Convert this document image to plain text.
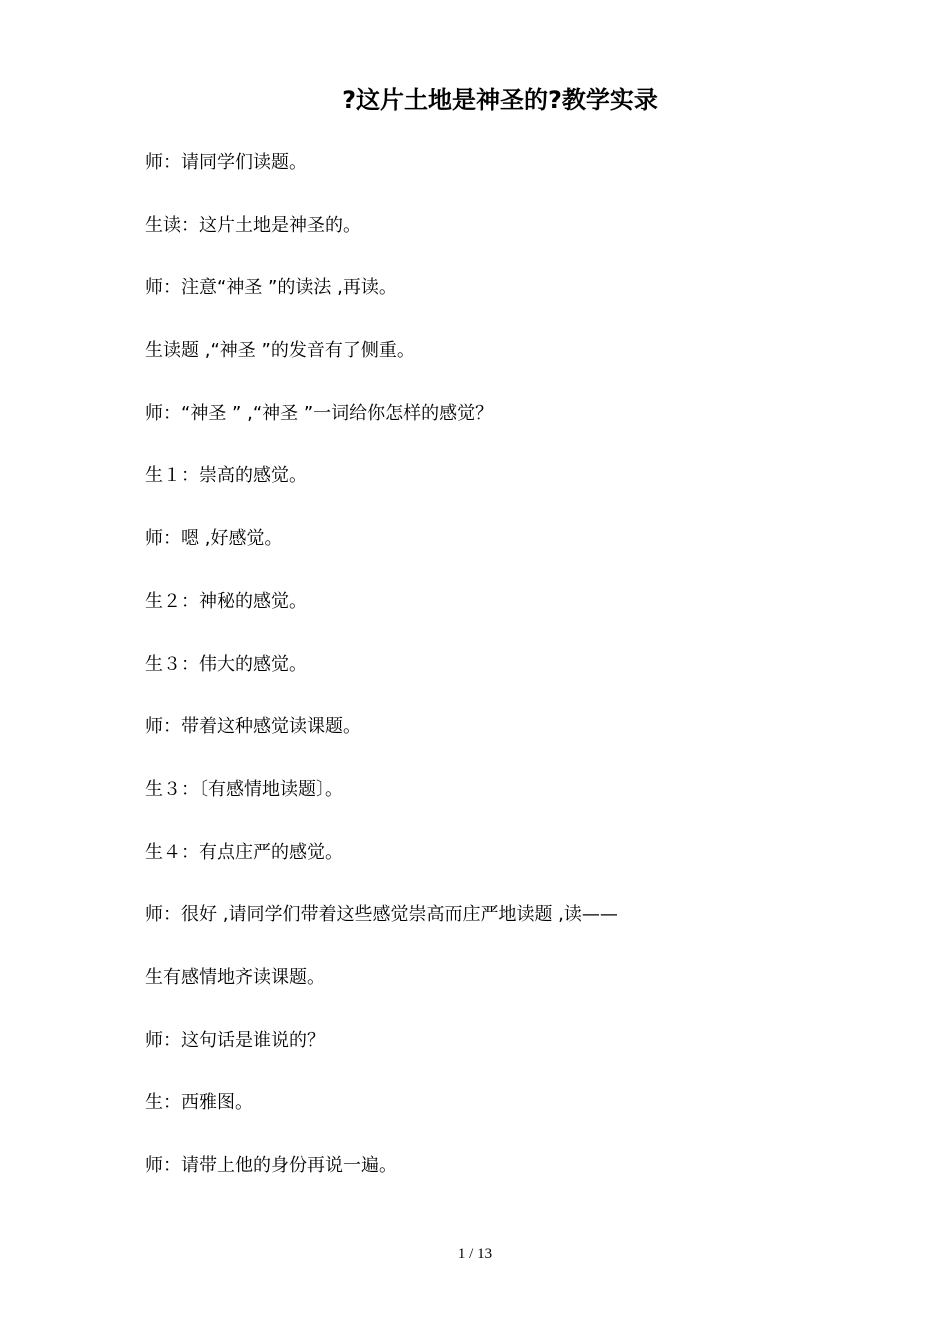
?这片土地是神圣的?教学实录

师：请同学们读题。

生读：这片土地是神圣的。

师：注意“神圣 ”的读法 ,再读。

生读题 ,“神圣 ”的发音有了侧重。

师：“神圣 ” ,“神圣 ”一词给你怎样的感觉？

生１：崇高的感觉。

师：嗯 ,好感觉。

生２：神秘的感觉。

生３：伟大的感觉。

师：带着这种感觉读课题。

生３：〔有感情地读题〕。

生４：有点庄严的感觉。

师：很好 ,请同学们带着这些感觉崇高而庄严地读题 ,读——

生有感情地齐读课题。

师：这句话是谁说的？

生：西雅图。

师：请带上他的身份再说一遍。

1 / 13
